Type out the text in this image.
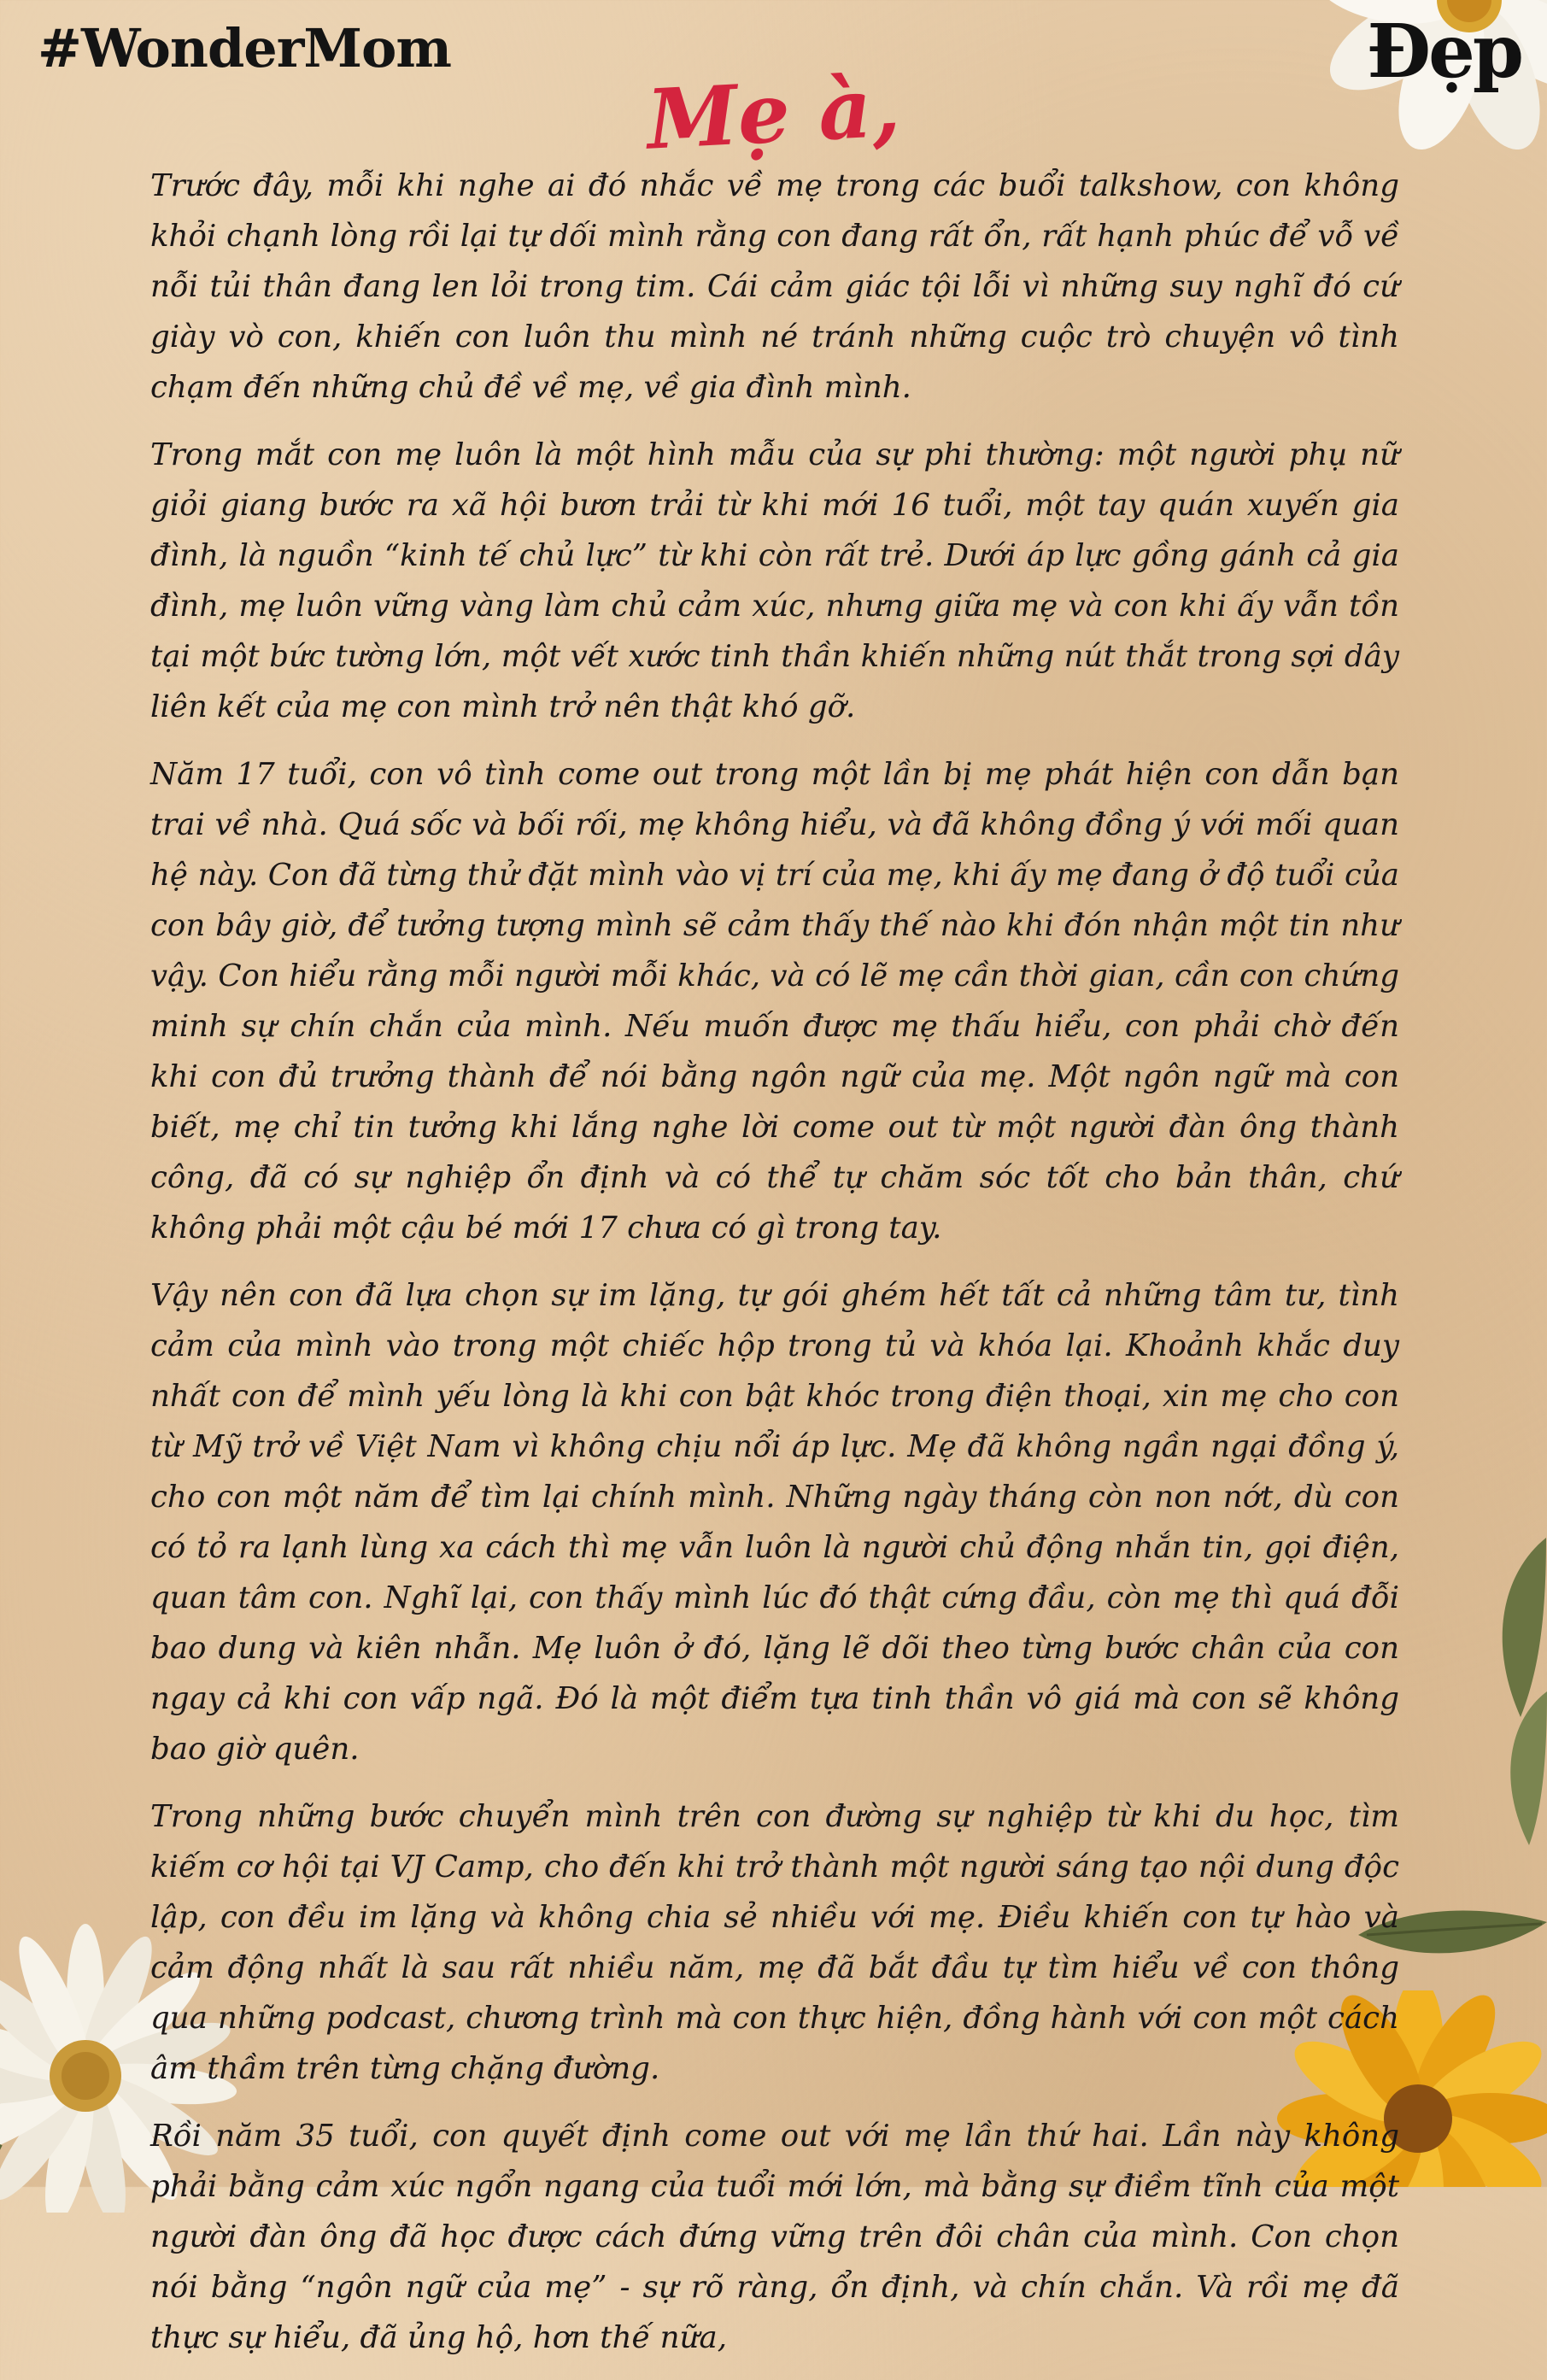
#WonderMom	Đẹp
Mẹ à,

Trước đây, mỗi khi nghe ai đó nhắc về mẹ trong các buổi talkshow, con không khỏi chạnh lòng rồi lại tự dối mình rằng con đang rất ổn, rất hạnh phúc để vỗ về nỗi tủi thân đang len lỏi trong tim. Cái cảm giác tội lỗi vì những suy nghĩ đó cứ giày vò con, khiến con luôn thu mình né tránh những cuộc trò chuyện vô tình chạm đến những chủ đề về mẹ, về gia đình mình.

Trong mắt con mẹ luôn là một hình mẫu của sự phi thường: một người phụ nữ giỏi giang bước ra xã hội bươn trải từ khi mới 16 tuổi, một tay quán xuyến gia đình, là nguồn “kinh tế chủ lực” từ khi còn rất trẻ. Dưới áp lực gồng gánh cả gia đình, mẹ luôn vững vàng làm chủ cảm xúc, nhưng giữa mẹ và con khi ấy vẫn tồn tại một bức tường lớn, một vết xước tinh thần khiến những nút thắt trong sợi dây liên kết của mẹ con mình trở nên thật khó gỡ.

Năm 17 tuổi, con vô tình come out trong một lần bị mẹ phát hiện con dẫn bạn trai về nhà. Quá sốc và bối rối, mẹ không hiểu, và đã không đồng ý với mối quan hệ này. Con đã từng thử đặt mình vào vị trí của mẹ, khi ấy mẹ đang ở độ tuổi của con bây giờ, để tưởng tượng mình sẽ cảm thấy thế nào khi đón nhận một tin như vậy. Con hiểu rằng mỗi người mỗi khác, và có lẽ mẹ cần thời gian, cần con chứng minh sự chín chắn của mình. Nếu muốn được mẹ thấu hiểu, con phải chờ đến khi con đủ trưởng thành để nói bằng ngôn ngữ của mẹ. Một ngôn ngữ mà con biết, mẹ chỉ tin tưởng khi lắng nghe lời come out từ một người đàn ông thành công, đã có sự nghiệp ổn định và có thể tự chăm sóc tốt cho bản thân, chứ không phải một cậu bé mới 17 chưa có gì trong tay.

Vậy nên con đã lựa chọn sự im lặng, tự gói ghém hết tất cả những tâm tư, tình cảm của mình vào trong một chiếc hộp trong tủ và khóa lại. Khoảnh khắc duy nhất con để mình yếu lòng là khi con bật khóc trong điện thoại, xin mẹ cho con từ Mỹ trở về Việt Nam vì không chịu nổi áp lực. Mẹ đã không ngần ngại đồng ý, cho con một năm để tìm lại chính mình. Những ngày tháng còn non nớt, dù con có tỏ ra lạnh lùng xa cách thì mẹ vẫn luôn là người chủ động nhắn tin, gọi điện, quan tâm con. Nghĩ lại, con thấy mình lúc đó thật cứng đầu, còn mẹ thì quá đỗi bao dung và kiên nhẫn. Mẹ luôn ở đó, lặng lẽ dõi theo từng bước chân của con ngay cả khi con vấp ngã. Đó là một điểm tựa tinh thần vô giá mà con sẽ không bao giờ quên.

Trong những bước chuyển mình trên con đường sự nghiệp từ khi du học, tìm kiếm cơ hội tại VJ Camp, cho đến khi trở thành một người sáng tạo nội dung độc lập, con đều im lặng và không chia sẻ nhiều với mẹ. Điều khiến con tự hào và cảm động nhất là sau rất nhiều năm, mẹ đã bắt đầu tự tìm hiểu về con thông qua những podcast, chương trình mà con thực hiện, đồng hành với con một cách âm thầm trên từng chặng đường.

Rồi năm 35 tuổi, con quyết định come out với mẹ lần thứ hai. Lần này không phải bằng cảm xúc ngổn ngang của tuổi mới lớn, mà bằng sự điềm tĩnh của một người đàn ông đã học được cách đứng vững trên đôi chân của mình. Con chọn nói bằng “ngôn ngữ của mẹ” - sự rõ ràng, ổn định, và chín chắn. Và rồi mẹ đã thực sự hiểu, đã ủng hộ, hơn thế nữa,
